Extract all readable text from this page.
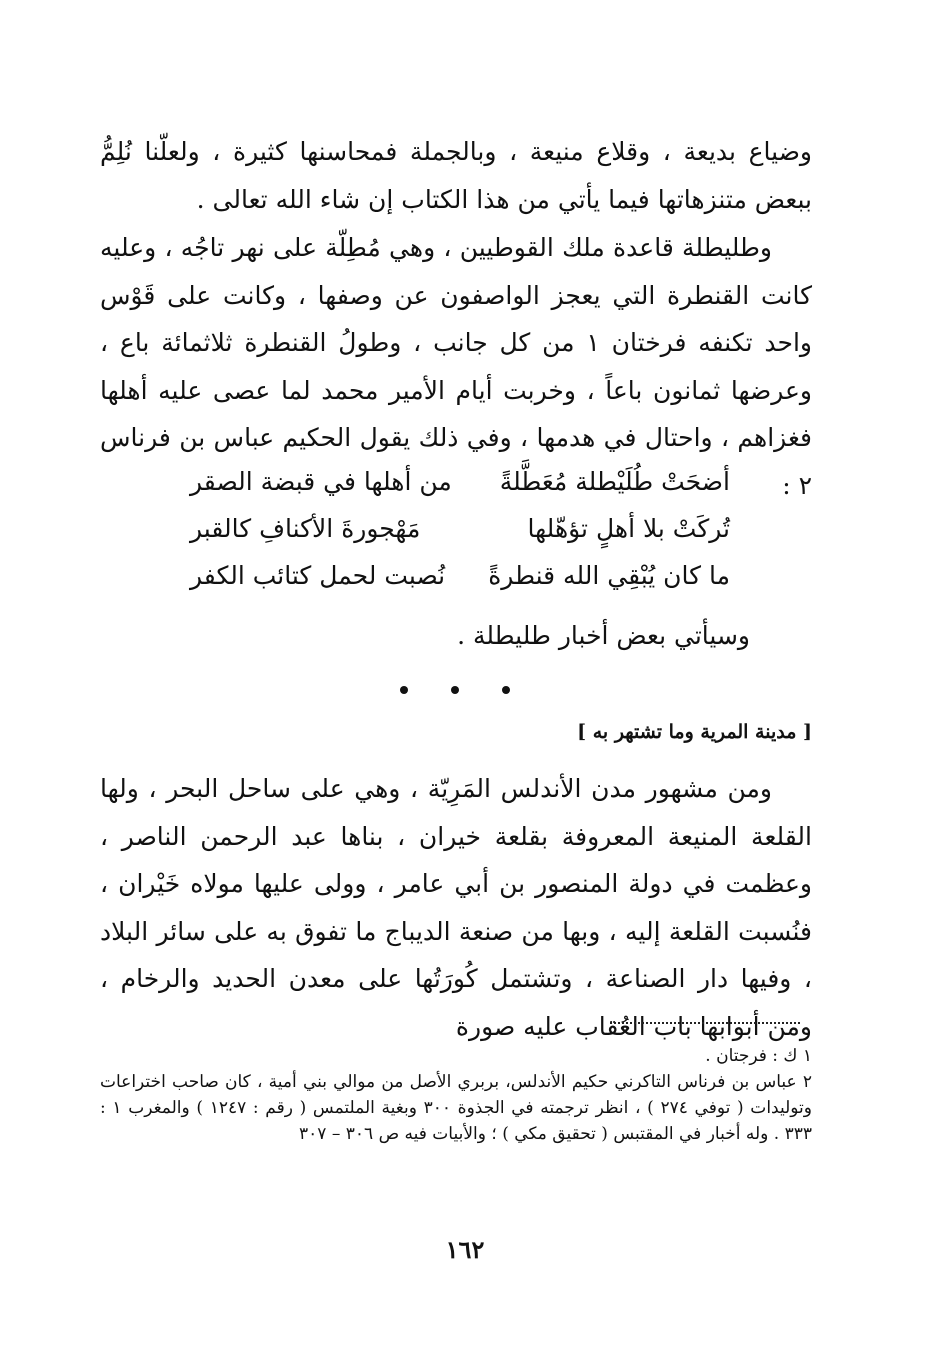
وضياع بديعة ، وقلاع منيعة ، وبالجملة فمحاسنها كثيرة ، ولعلّنا نُلِمُّ ببعض متنزهاتها فيما يأتي من هذا الكتاب إن شاء الله تعالى .

وطليطلة قاعدة ملك القوطيين ، وهي مُطِلّة على نهر تاجُه ، وعليه كانت القنطرة التي يعجز الواصفون عن وصفها ، وكانت على قَوْس واحد تكنفه فرختان ١ من كل جانب ، وطولُ القنطرة ثلاثمائة باع ، وعرضها ثمانون باعاً ، وخربت أيام الأمير محمد لما عصى عليه أهلها فغزاهم ، واحتال في هدمها ، وفي ذلك يقول الحكيم عباس بن فرناس ٢ :

أضحَتْ طُلَيْطلة مُعَطَّلةً
من أهلها في قبضة الصقر
تُركَتْ بلا أهلٍ تؤهّلها
مَهْجورةَ الأكنافِ كالقبر
ما كان يُبْقِي الله قنطرةً
نُصبت لحمل كتائب الكفر
وسيأتي بعض أخبار طليطلة .
[ مدينة المرية وما تشتهر به ]

ومن مشهور مدن الأندلس المَرِيّة ، وهي على ساحل البحر ، ولها القلعة المنيعة المعروفة بقلعة خيران ، بناها عبد الرحمن الناصر ، وعظمت في دولة المنصور بن أبي عامر ، وولى عليها مولاه خَيْران ، فنُسبت القلعة إليه ، وبها من صنعة الديباج ما تفوق به على سائر البلاد ، وفيها دار الصناعة ، وتشتمل كُورَتُها على معدن الحديد والرخام ، ومن أبوابها باب العُقاب عليه صورة

١ ك : فرجتان .

٢ عباس بن فرناس التاكرني حكيم الأندلس، بربري الأصل من موالي بني أمية ، كان صاحب اختراعات وتوليدات ( توفي ٢٧٤ ) ، انظر ترجمته في الجذوة ٣٠٠ وبغية الملتمس ( رقم : ١٢٤٧ ) والمغرب ١ : ٣٣٣ . وله أخبار في المقتبس ( تحقيق مكي ) ؛ والأبيات فيه ص ٣٠٦ – ٣٠٧

١٦٢
